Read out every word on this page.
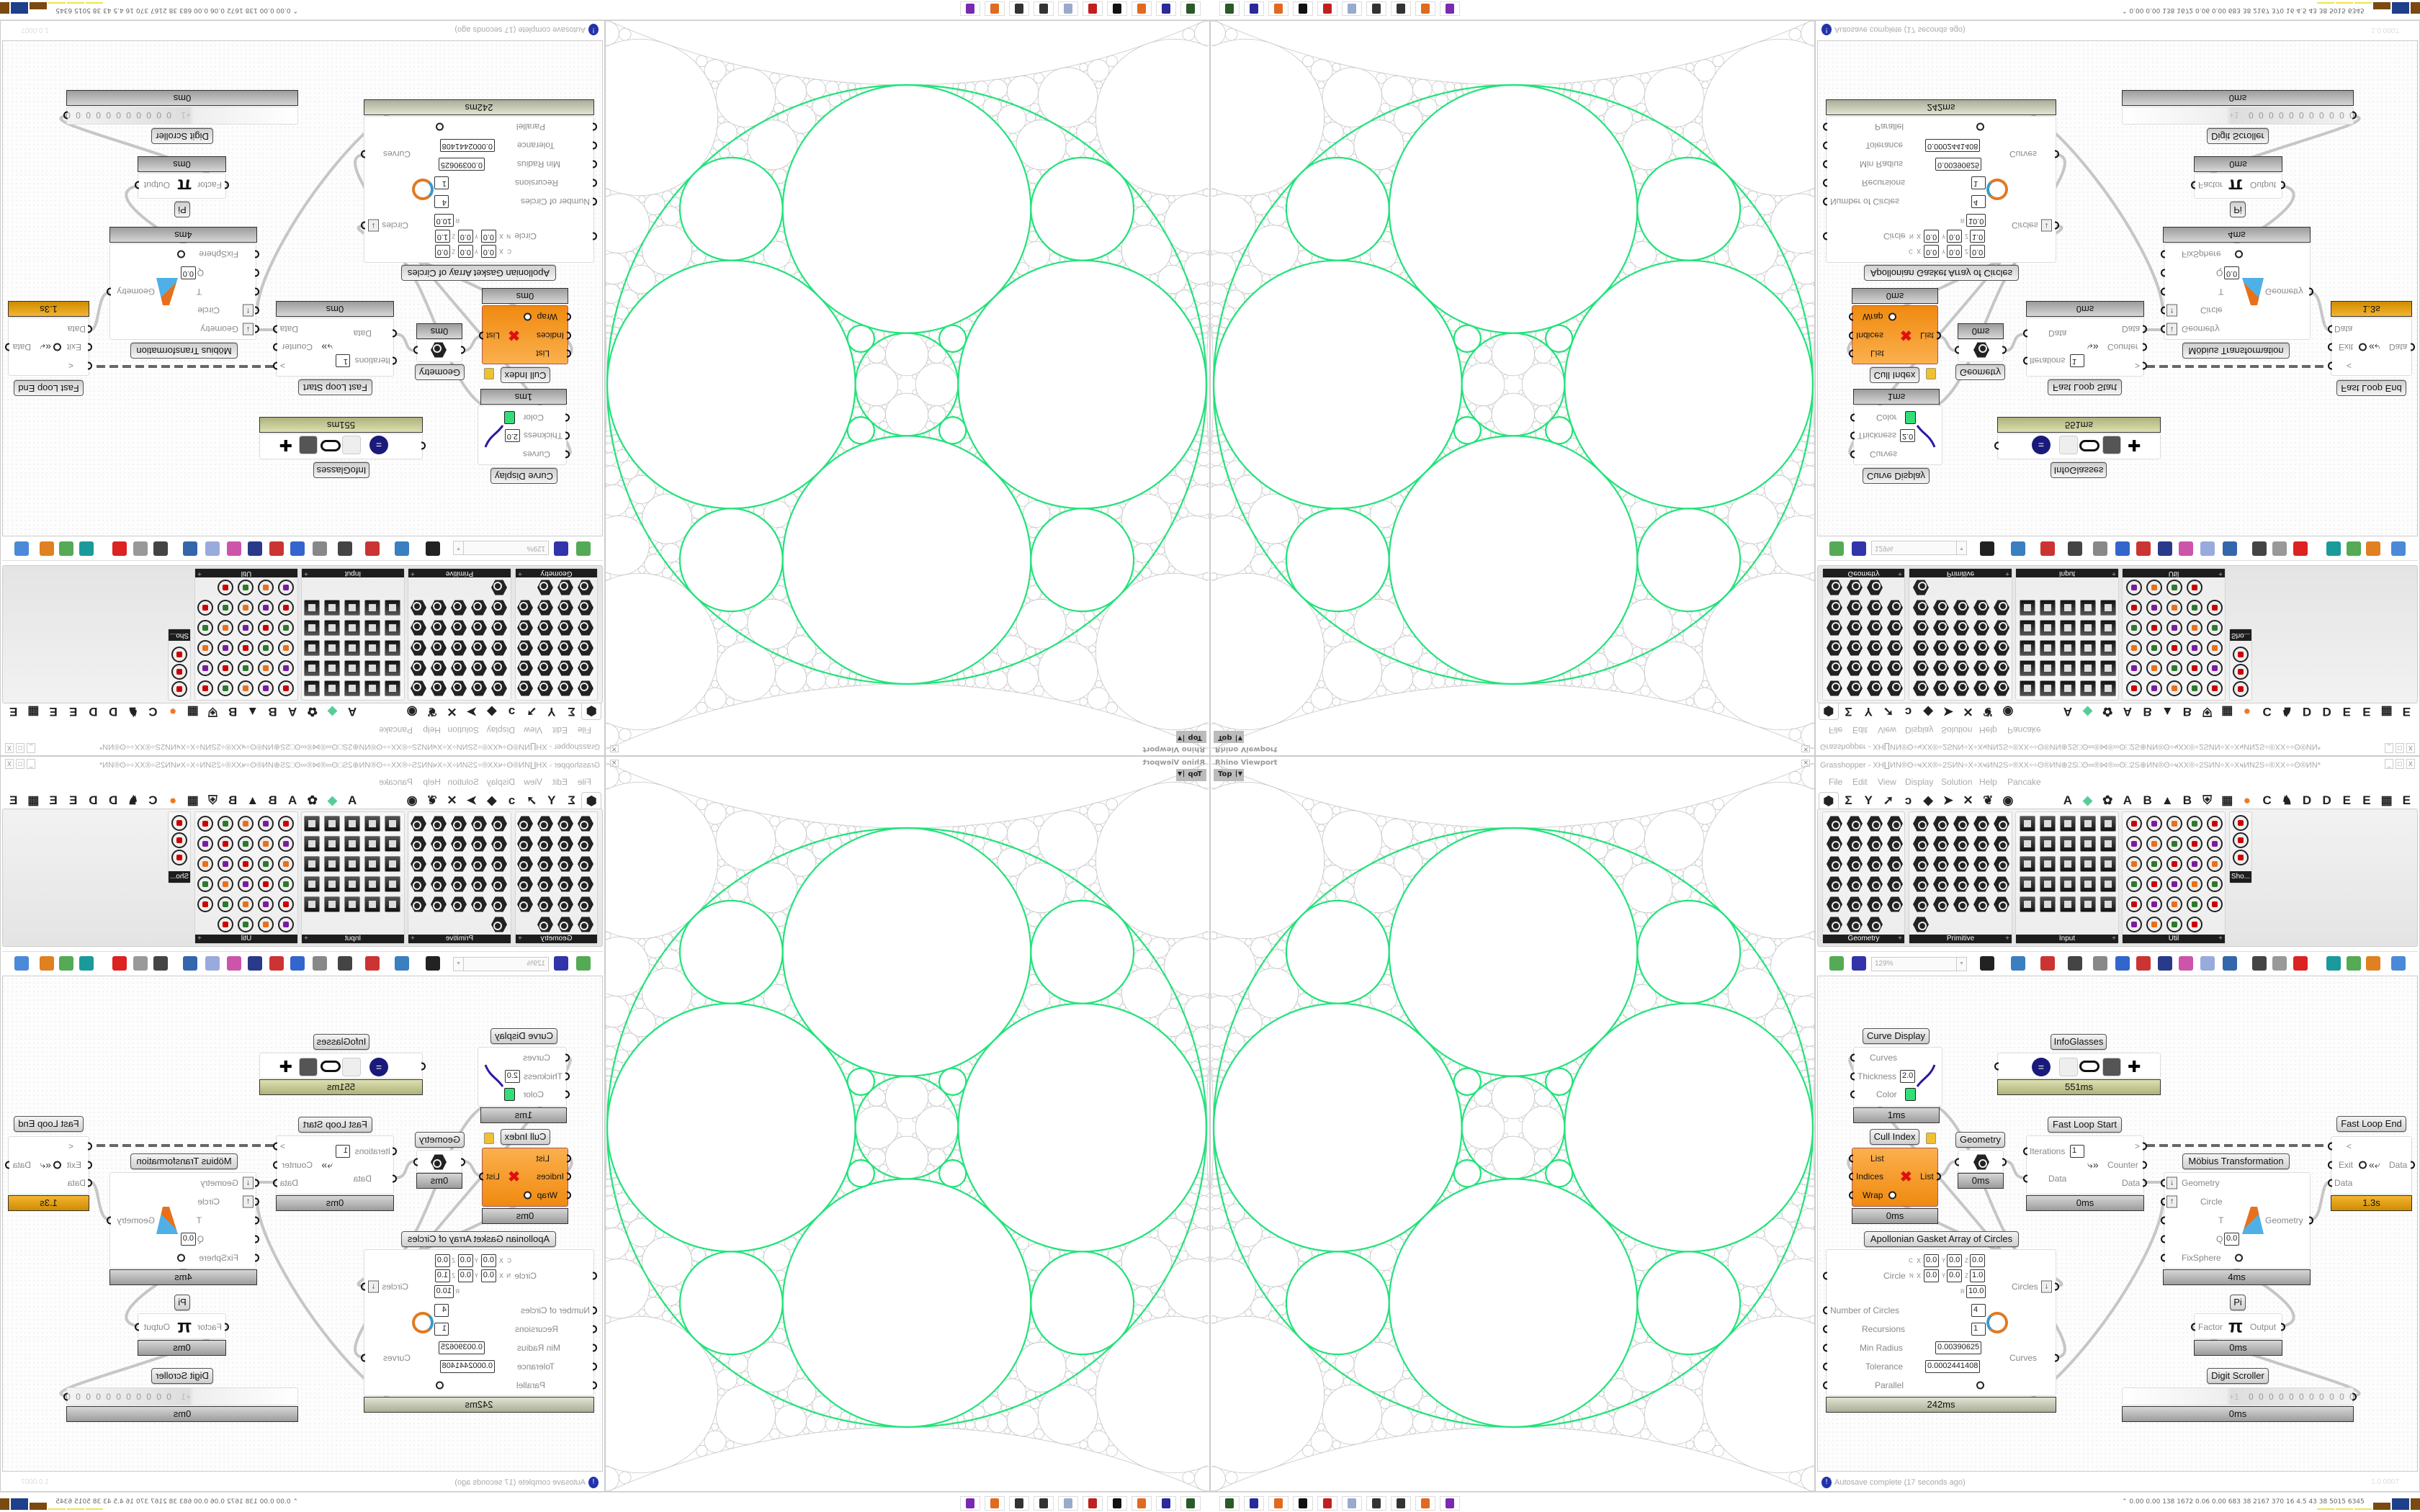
Rhino Viewport
Top	▼
× Grasshopper - XH∐ИN®ʘ÷ҹXX®÷2SИN÷X÷XҹИN2S÷®XX÷÷ʘ®ИN⊕2S□ʘ∞®⋈®∞ʘ□2S⊕ИN®ʘ÷ҹXX®÷2SИN÷X÷XҹИN2S÷®XX÷÷ʘ®ИN*	_	□	X
File Edit View Display Solution Help Pancake
⬢ Σ Y ➚ ↄ ◆ ➤ ✕ ❦ ◉	A ◆ ✿ A B ▲ B ⛨ ▦ ● C ♞ D D E E ▦ E
Geometry	+	Primitive	+	Input	+	Util	+
Sho...
129%	▼
Curve Display
Curves
Thickness 2.0
Color
1ms
InfoGlasses
=	✚
551ms
Cull Index
List
Indices
Wrap
✖ List
0ms
Geometry
0ms
Fast Loop Start
Iterations 1
Data
>
⤷» Counter
Data
0ms
Fast Loop End
<
Exit «⤶ Data
Data
1.3s
Möbius Transformation
↓ Geometry
↑	Circle
T
Q 0.0
FixSphere
Geometry
4ms
Apollonian Gasket Array of Circles
C X 0.0 Y 0.0 Z 0.0
Circle N X 0.0 Y 0.0 Z 1.0
R 10.0
Number of Circles	4
Recursions	1
Min Radius	0.00390625
Tolerance	0.0002441408
Parallel
Circles ↓
Curves
242ms
Pi
Factor π Output
0ms
Digit Scroller
+1 0 0 0 0 0 0 0 0 0 0 0
0ms
! Autosave complete (17 seconds ago)	1.0.0007
⌃ 0.00 0.00 138 1672 0.06 0.00 683 38 2167 370 16 4.5 43 38 5015 6345
Rhino Viewport
Top
▼
×
Grasshopper - XH∐ИN®ʘ÷ҹXX®÷2SИN÷X÷XҹИN2S÷®XX÷÷ʘ®ИN⊕2S□ʘ∞®⋈®∞ʘ□2S⊕ИN®ʘ÷ҹXX®÷2SИN÷X÷XҹИN2S÷®XX÷÷ʘ®ИN*
_
□
X
File
Edit
View
Display
Solution
Help
Pancake
⬢
Σ
Y
➚
ↄ
◆
➤
✕
❦
◉
A
◆
✿
A
B
▲
B
⛨
▦
●
C
♞
D
D
E
E
▦
E
Geometry
+
Primitive
+
Input
+
Util
+
Sho...
129%
▼
Curve Display
Curves
Thickness
2.0
Color
1ms
InfoGlasses
=
✚
551ms
Cull Index
List
Indices
Wrap
✖
List
0ms
Geometry
0ms
Fast Loop Start
Iterations
1
Data
>
⤷»
Counter
Data
0ms
Fast Loop End
<
Exit
«⤶
Data
Data
1.3s
Möbius Transformation
↓
Geometry
↑
Circle
T
Q
0.0
FixSphere
Geometry
4ms
Apollonian Gasket Array of Circles
C
X
0.0
Y
0.0
Z
0.0
Circle
N
X
0.0
Y
0.0
Z
1.0
R
10.0
Number of Circles
4
Recursions
1
Min Radius
0.00390625
Tolerance
0.0002441408
Parallel
Circles
↓
Curves
242ms
Pi
Factor
π
Output
0ms
Digit Scroller
+1
0 0 0 0 0 0 0 0 0 0 0
0ms
!
Autosave complete (17 seconds ago)
1.0.0007
⌃ 0.00 0.00 138 1672 0.06 0.00 683 38 2167 370 16 4.5 43 38 5015 6345
Rhino Viewport
Top	▼
× Grasshopper - XH∐ИN®ʘ÷ҹXX®÷2SИN÷X÷XҹИN2S÷®XX÷÷ʘ®ИN⊕2S□ʘ∞®⋈®∞ʘ□2S⊕ИN®ʘ÷ҹXX®÷2SИN÷X÷XҹИN2S÷®XX÷÷ʘ®ИN*	_	□	X
File Edit View Display Solution Help Pancake
⬢ Σ Y ➚ ↄ ◆ ➤ ✕ ❦ ◉	A ◆ ✿ A B ▲ B ⛨ ▦ ● C ♞ D D E E ▦ E
Geometry	+	Primitive	+	Input	+	Util	+
Sho...
129%	▼
Curve Display
Curves
Thickness 2.0
Color
1ms
InfoGlasses
=	✚
551ms
Cull Index
List
Indices
Wrap
✖ List
0ms
Geometry
0ms
Fast Loop Start
Iterations 1
Data
>
⤷» Counter
Data
0ms
Fast Loop End
<
Exit «⤶ Data
Data
1.3s
Möbius Transformation
↓ Geometry
↑	Circle
T
Q 0.0
FixSphere
Geometry
4ms
Apollonian Gasket Array of Circles
C X 0.0 Y 0.0 Z 0.0
Circle N X 0.0 Y 0.0 Z 1.0
R 10.0
Number of Circles	4
Recursions	1
Min Radius	0.00390625
Tolerance	0.0002441408
Parallel
Circles ↓
Curves
242ms
Pi
Factor π Output
0ms
Digit Scroller
+1 0 0 0 0 0 0 0 0 0 0 0
0ms
! Autosave complete (17 seconds ago)	1.0.0007
⌃ 0.00 0.00 138 1672 0.06 0.00 683 38 2167 370 16 4.5 43 38 5015 6345
Rhino Viewport
Top
▼
×
Grasshopper - XH∐ИN®ʘ÷ҹXX®÷2SИN÷X÷XҹИN2S÷®XX÷÷ʘ®ИN⊕2S□ʘ∞®⋈®∞ʘ□2S⊕ИN®ʘ÷ҹXX®÷2SИN÷X÷XҹИN2S÷®XX÷÷ʘ®ИN*
_
□
X
File
Edit
View
Display
Solution
Help
Pancake
⬢
Σ
Y
➚
ↄ
◆
➤
✕
❦
◉
A
◆
✿
A
B
▲
B
⛨
▦
●
C
♞
D
D
E
E
▦
E
Geometry
+
Primitive
+
Input
+
Util
+
Sho...
129%
▼
Curve Display
Curves
Thickness
2.0
Color
1ms
InfoGlasses
=
✚
551ms
Cull Index
List
Indices
Wrap
✖
List
0ms
Geometry
0ms
Fast Loop Start
Iterations
1
Data
>
⤷»
Counter
Data
0ms
Fast Loop End
<
Exit
«⤶
Data
Data
1.3s
Möbius Transformation
↓
Geometry
↑
Circle
T
Q
0.0
FixSphere
Geometry
4ms
Apollonian Gasket Array of Circles
C
X
0.0
Y
0.0
Z
0.0
Circle
N
X
0.0
Y
0.0
Z
1.0
R
10.0
Number of Circles
4
Recursions
1
Min Radius
0.00390625
Tolerance
0.0002441408
Parallel
Circles
↓
Curves
242ms
Pi
Factor
π
Output
0ms
Digit Scroller
+1
0 0 0 0 0 0 0 0 0 0 0
0ms
!
Autosave complete (17 seconds ago)
1.0.0007
⌃ 0.00 0.00 138 1672 0.06 0.00 683 38 2167 370 16 4.5 43 38 5015 6345
